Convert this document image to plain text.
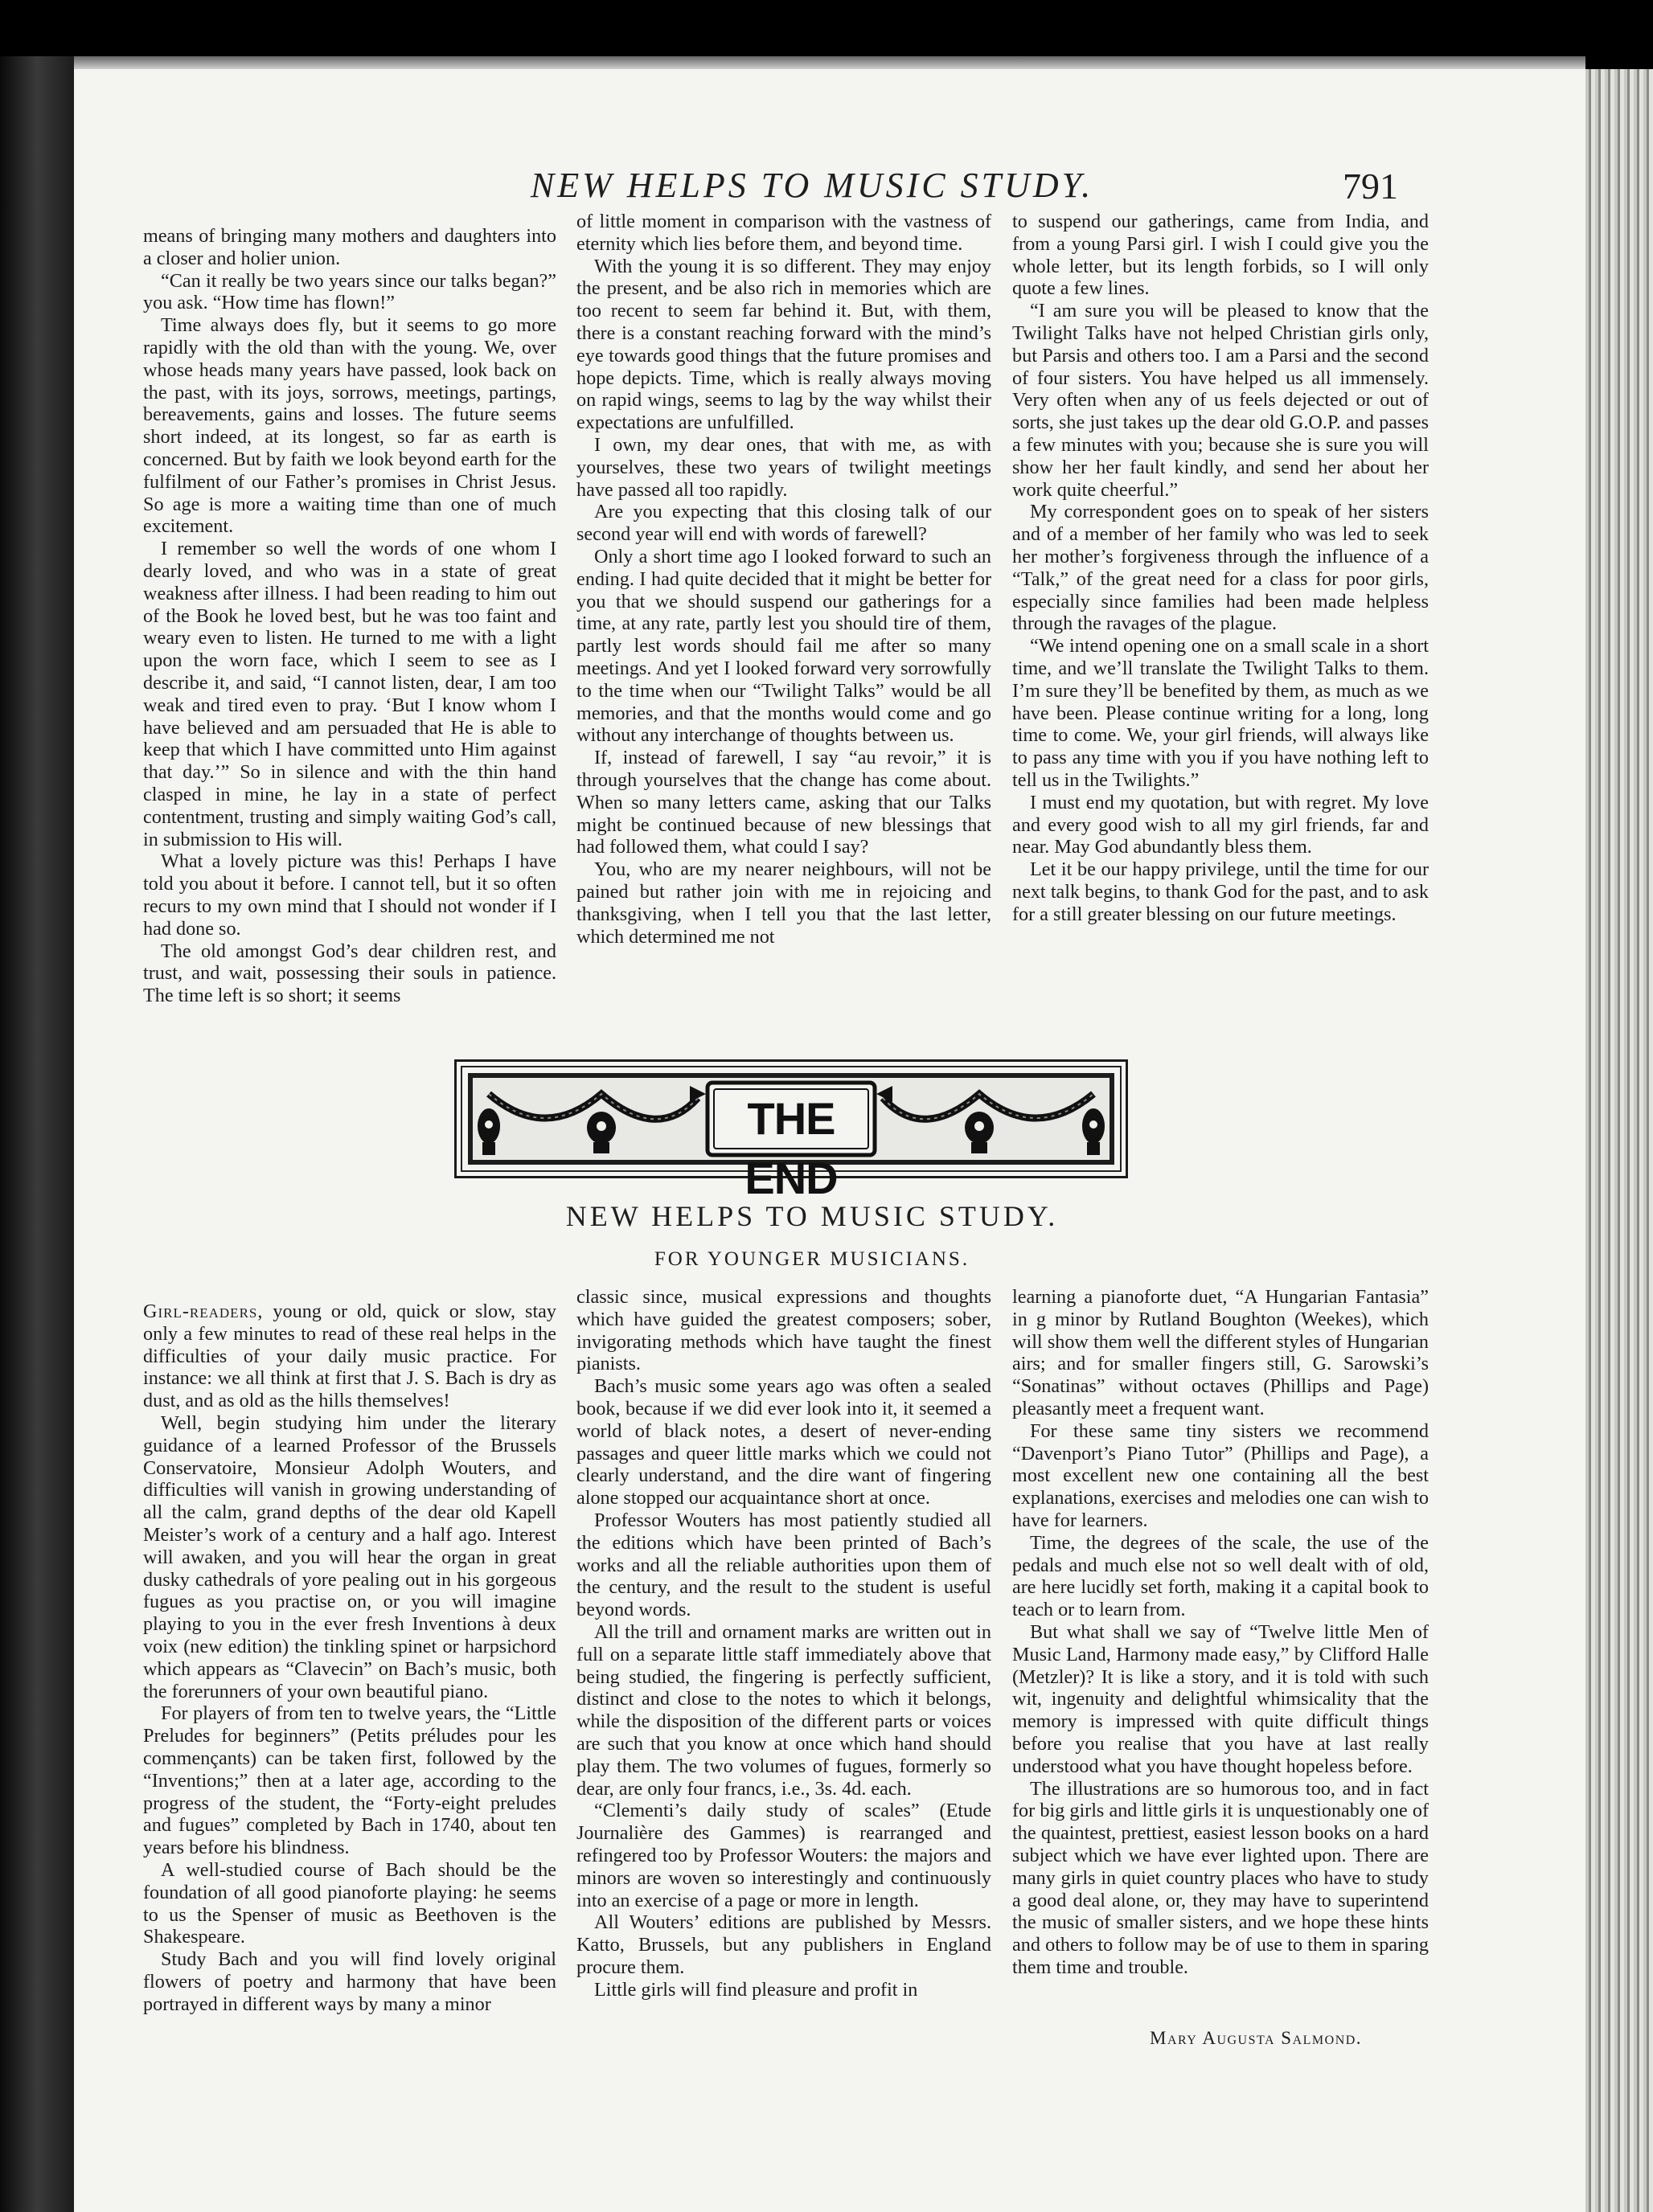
NEW HELPS TO MUSIC STUDY.	791

means of bringing many mothers and daughters into a closer and holier union.

“Can it really be two years since our talks began?” you ask. “How time has flown!”

Time always does fly, but it seems to go more rapidly with the old than with the young. We, over whose heads many years have passed, look back on the past, with its joys, sorrows, meetings, partings, bereavements, gains and losses. The future seems short indeed, at its longest, so far as earth is concerned. But by faith we look beyond earth for the fulfilment of our Father’s promises in Christ Jesus. So age is more a waiting time than one of much excitement.

I remember so well the words of one whom I dearly loved, and who was in a state of great weakness after illness. I had been reading to him out of the Book he loved best, but he was too faint and weary even to listen. He turned to me with a light upon the worn face, which I seem to see as I describe it, and said, “I cannot listen, dear, I am too weak and tired even to pray. ‘But I know whom I have believed and am persuaded that He is able to keep that which I have committed unto Him against that day.’” So in silence and with the thin hand clasped in mine, he lay in a state of perfect contentment, trusting and simply waiting God’s call, in submission to His will.

What a lovely picture was this! Perhaps I have told you about it before. I cannot tell, but it so often recurs to my own mind that I should not wonder if I had done so.

The old amongst God’s dear children rest, and trust, and wait, possessing their souls in patience. The time left is so short; it seems

of little moment in comparison with the vastness of eternity which lies before them, and beyond time.

With the young it is so different. They may enjoy the present, and be also rich in memories which are too recent to seem far behind it. But, with them, there is a constant reaching forward with the mind’s eye towards good things that the future promises and hope depicts. Time, which is really always moving on rapid wings, seems to lag by the way whilst their expectations are unfulfilled.

I own, my dear ones, that with me, as with yourselves, these two years of twilight meetings have passed all too rapidly.

Are you expecting that this closing talk of our second year will end with words of farewell?

Only a short time ago I looked forward to such an ending. I had quite decided that it might be better for you that we should suspend our gatherings for a time, at any rate, partly lest you should tire of them, partly lest words should fail me after so many meetings. And yet I looked forward very sorrowfully to the time when our “Twilight Talks” would be all memories, and that the months would come and go without any interchange of thoughts between us.

If, instead of farewell, I say “au revoir,” it is through yourselves that the change has come about. When so many letters came, asking that our Talks might be continued because of new blessings that had followed them, what could I say?

You, who are my nearer neighbours, will not be pained but rather join with me in rejoicing and thanksgiving, when I tell you that the last letter, which determined me not

to suspend our gatherings, came from India, and from a young Parsi girl. I wish I could give you the whole letter, but its length forbids, so I will only quote a few lines.

“I am sure you will be pleased to know that the Twilight Talks have not helped Christian girls only, but Parsis and others too. I am a Parsi and the second of four sisters. You have helped us all immensely. Very often when any of us feels dejected or out of sorts, she just takes up the dear old G.O.P. and passes a few minutes with you; because she is sure you will show her her fault kindly, and send her about her work quite cheerful.”

My correspondent goes on to speak of her sisters and of a member of her family who was led to seek her mother’s forgiveness through the influence of a “Talk,” of the great need for a class for poor girls, especially since families had been made helpless through the ravages of the plague.

“We intend opening one on a small scale in a short time, and we’ll translate the Twilight Talks to them. I’m sure they’ll be benefited by them, as much as we have been. Please continue writing for a long, long time to come. We, your girl friends, will always like to pass any time with you if you have nothing left to tell us in the Twilights.”

I must end my quotation, but with regret. My love and every good wish to all my girl friends, far and near. May God abundantly bless them.

Let it be our happy privilege, until the time for our next talk begins, to thank God for the past, and to ask for a still greater blessing on our future meetings.

THE END
NEW HELPS TO MUSIC STUDY.
FOR YOUNGER MUSICIANS.

Girl-readers, young or old, quick or slow, stay only a few minutes to read of these real helps in the difficulties of your daily music practice. For instance: we all think at first that J. S. Bach is dry as dust, and as old as the hills themselves!

Well, begin studying him under the literary guidance of a learned Professor of the Brussels Conservatoire, Monsieur Adolph Wouters, and difficulties will vanish in growing understanding of all the calm, grand depths of the dear old Kapell Meister’s work of a century and a half ago. Interest will awaken, and you will hear the organ in great dusky cathedrals of yore pealing out in his gorgeous fugues as you practise on, or you will imagine playing to you in the ever fresh Inventions à deux voix (new edition) the tinkling spinet or harpsichord which appears as “Clavecin” on Bach’s music, both the forerunners of your own beautiful piano.

For players of from ten to twelve years, the “Little Preludes for beginners” (Petits préludes pour les commençants) can be taken first, followed by the “Inventions;” then at a later age, according to the progress of the student, the “Forty-eight preludes and fugues” completed by Bach in 1740, about ten years before his blindness.

A well-studied course of Bach should be the foundation of all good pianoforte playing: he seems to us the Spenser of music as Beethoven is the Shakespeare.

Study Bach and you will find lovely original flowers of poetry and harmony that have been portrayed in different ways by many a minor

classic since, musical expressions and thoughts which have guided the greatest composers; sober, invigorating methods which have taught the finest pianists.

Bach’s music some years ago was often a sealed book, because if we did ever look into it, it seemed a world of black notes, a desert of never-ending passages and queer little marks which we could not clearly understand, and the dire want of fingering alone stopped our acquaintance short at once.

Professor Wouters has most patiently studied all the editions which have been printed of Bach’s works and all the reliable authorities upon them of the century, and the result to the student is useful beyond words.

All the trill and ornament marks are written out in full on a separate little staff immediately above that being studied, the fingering is perfectly sufficient, distinct and close to the notes to which it belongs, while the disposition of the different parts or voices are such that you know at once which hand should play them. The two volumes of fugues, formerly so dear, are only four francs, i.e., 3s. 4d. each.

“Clementi’s daily study of scales” (Etude Journalière des Gammes) is rearranged and refingered too by Professor Wouters: the majors and minors are woven so interestingly and continuously into an exercise of a page or more in length.

All Wouters’ editions are published by Messrs. Katto, Brussels, but any publishers in England procure them.

Little girls will find pleasure and profit in

learning a pianoforte duet, “A Hungarian Fantasia” in g minor by Rutland Boughton (Weekes), which will show them well the different styles of Hungarian airs; and for smaller fingers still, G. Sarowski’s “Sonatinas” without octaves (Phillips and Page) pleasantly meet a frequent want.

For these same tiny sisters we recommend “Davenport’s Piano Tutor” (Phillips and Page), a most excellent new one containing all the best explanations, exercises and melodies one can wish to have for learners.

Time, the degrees of the scale, the use of the pedals and much else not so well dealt with of old, are here lucidly set forth, making it a capital book to teach or to learn from.

But what shall we say of “Twelve little Men of Music Land, Harmony made easy,” by Clifford Halle (Metzler)? It is like a story, and it is told with such wit, ingenuity and delightful whimsicality that the memory is impressed with quite difficult things before you realise that you have at last really understood what you have thought hopeless before.

The illustrations are so humorous too, and in fact for big girls and little girls it is unquestionably one of the quaintest, prettiest, easiest lesson books on a hard subject which we have ever lighted upon. There are many girls in quiet country places who have to study a good deal alone, or, they may have to superintend the music of smaller sisters, and we hope these hints and others to follow may be of use to them in sparing them time and trouble.

Mary Augusta Salmond.
